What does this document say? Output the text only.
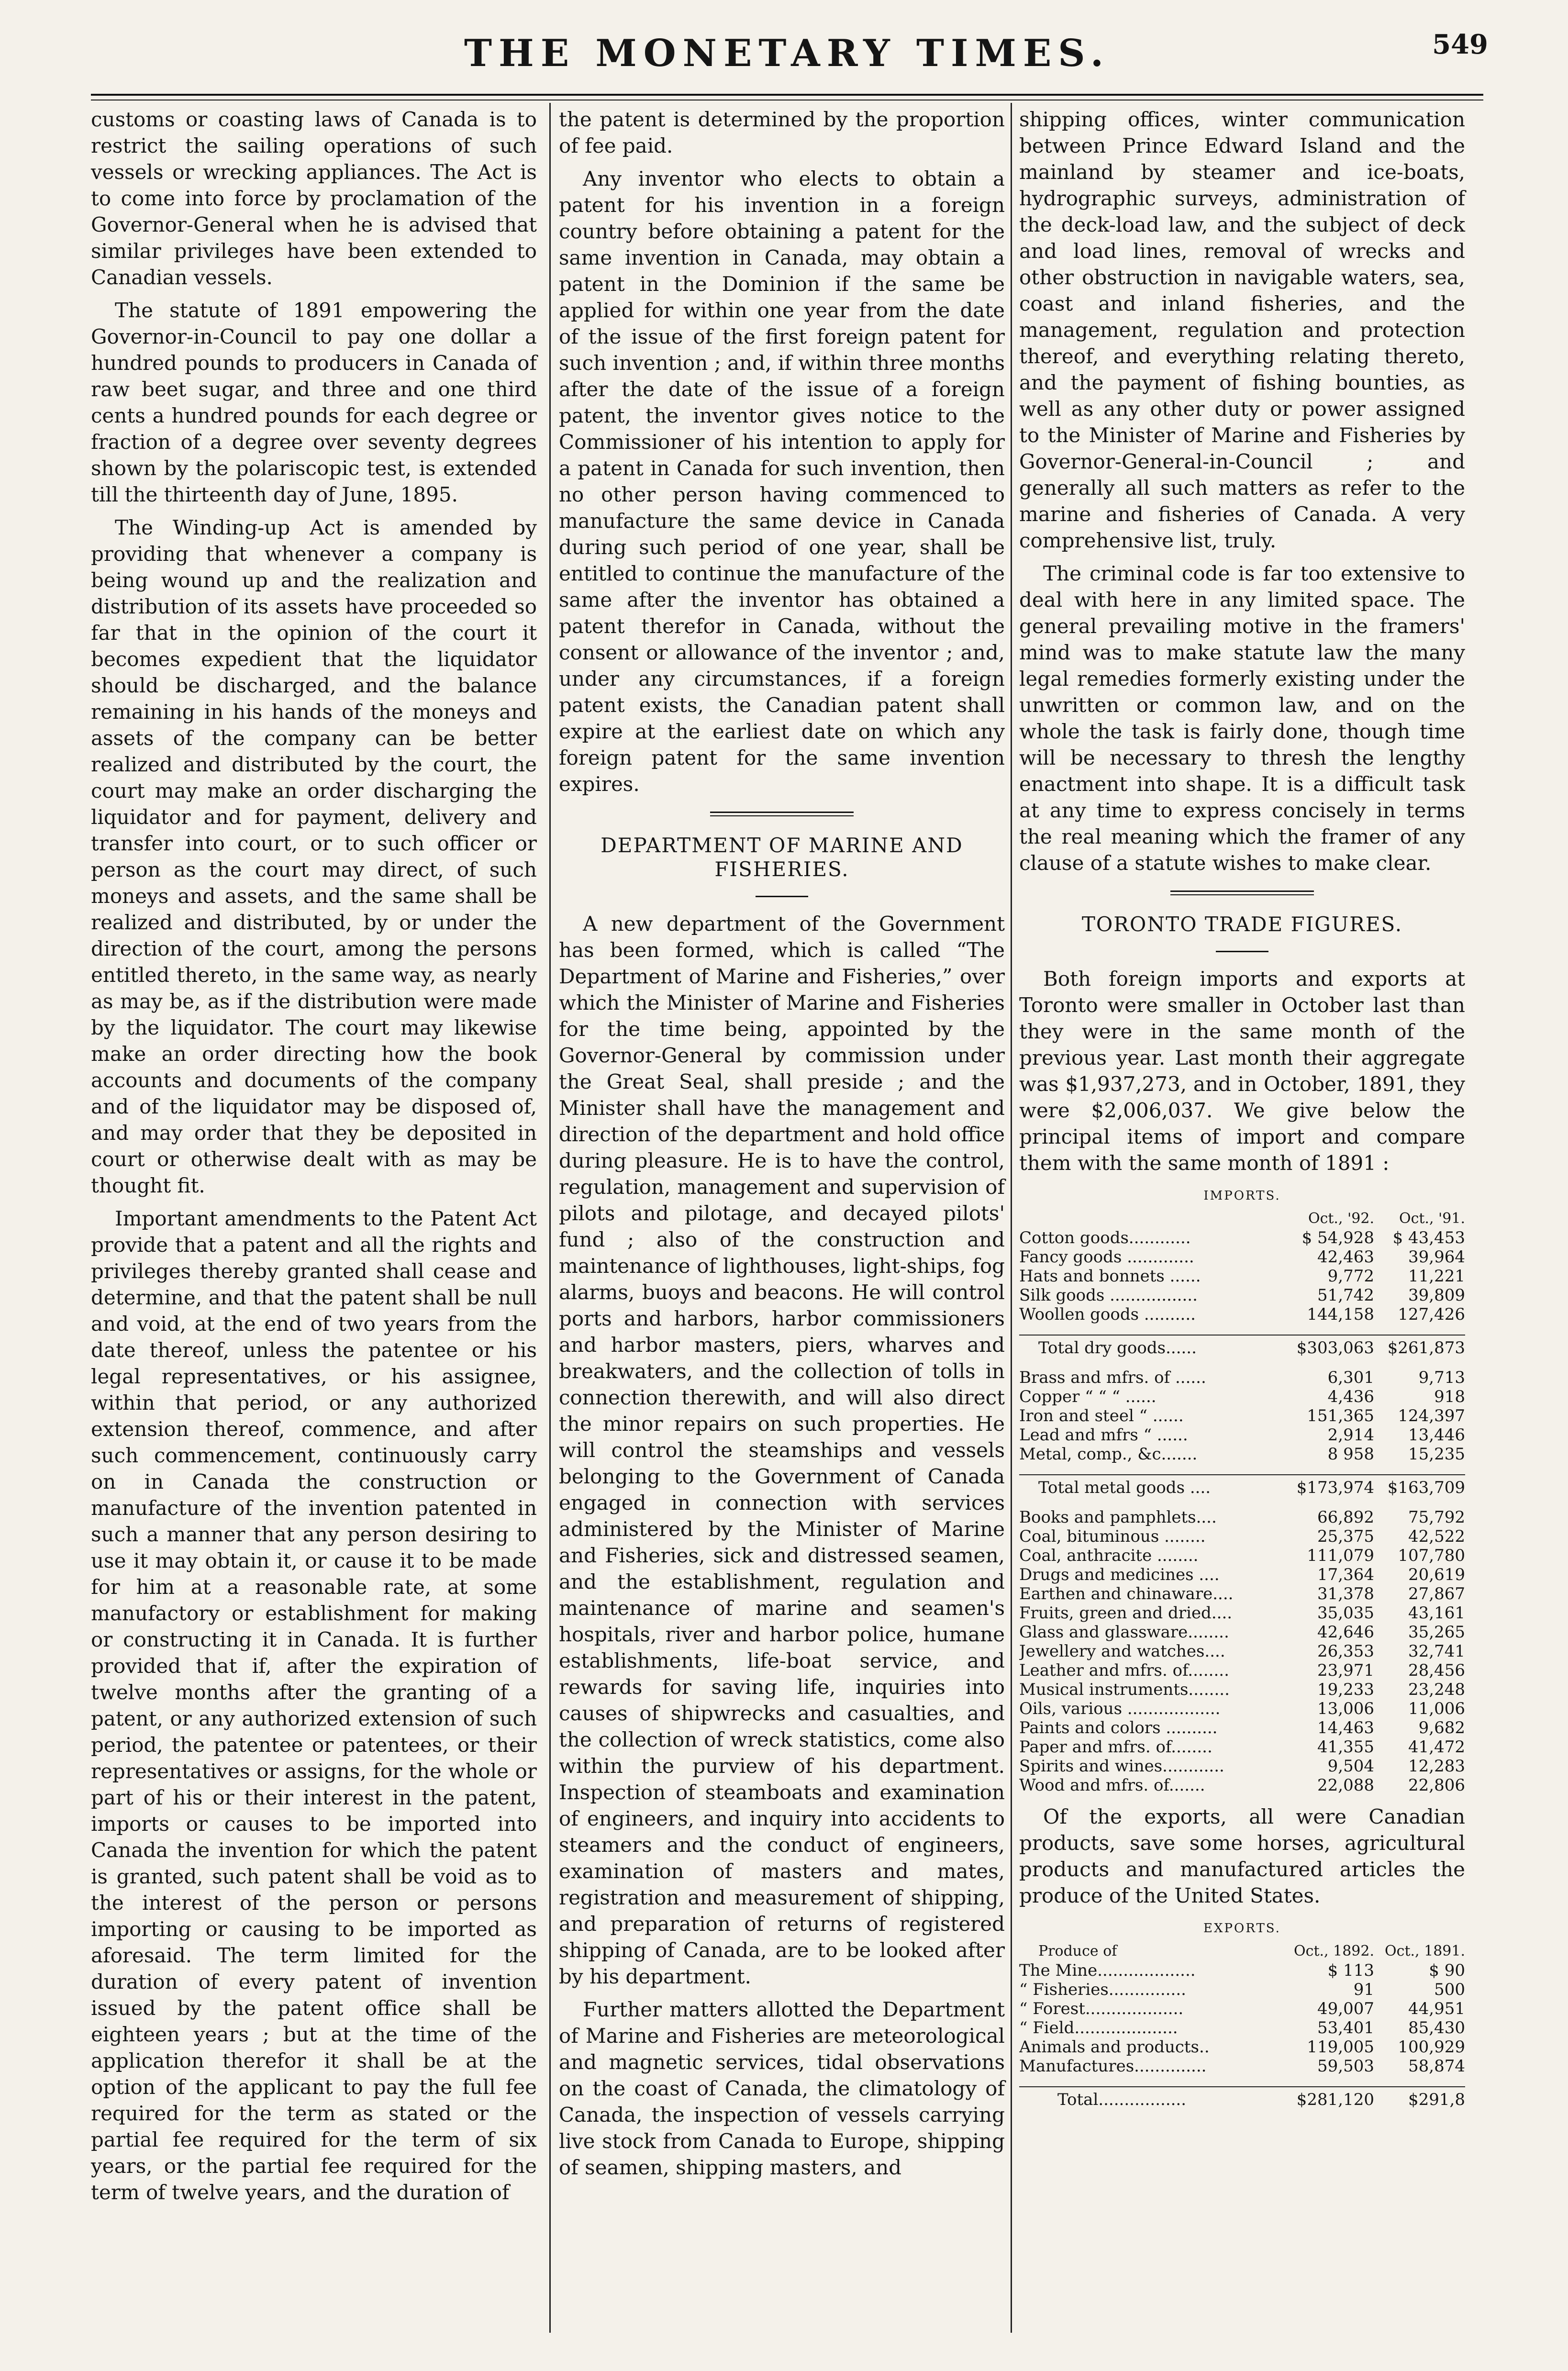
THE MONETARY TIMES.	549

customs or coasting laws of Canada is to restrict the sailing operations of such vessels or wrecking appliances. The Act is to come into force by proclamation of the Governor-General when he is advised that similar privileges have been extended to Canadian vessels.

The statute of 1891 empowering the Governor-in-Council to pay one dollar a hundred pounds to producers in Canada of raw beet sugar, and three and one third cents a hundred pounds for each degree or fraction of a degree over seventy degrees shown by the polariscopic test, is extended till the thirteenth day of June, 1895.

The Winding-up Act is amended by providing that whenever a company is being wound up and the realization and distribution of its assets have proceeded so far that in the opinion of the court it becomes expedient that the liquidator should be discharged, and the balance remaining in his hands of the moneys and assets of the company can be better realized and distributed by the court, the court may make an order discharging the liquidator and for payment, delivery and transfer into court, or to such officer or person as the court may direct, of such moneys and assets, and the same shall be realized and distributed, by or under the direction of the court, among the persons entitled thereto, in the same way, as nearly as may be, as if the distribution were made by the liquidator. The court may likewise make an order directing how the book accounts and documents of the company and of the liquidator may be disposed of, and may order that they be deposited in court or otherwise dealt with as may be thought fit.

Important amendments to the Patent Act provide that a patent and all the rights and privileges thereby granted shall cease and determine, and that the patent shall be null and void, at the end of two years from the date thereof, unless the patentee or his legal representatives, or his assignee, within that period, or any authorized extension thereof, commence, and after such commencement, continuously carry on in Canada the construction or manufacture of the invention patented in such a manner that any person desiring to use it may obtain it, or cause it to be made for him at a reasonable rate, at some manufactory or establishment for making or constructing it in Canada. It is further provided that if, after the expiration of twelve months after the granting of a patent, or any authorized extension of such period, the patentee or patentees, or their representatives or assigns, for the whole or part of his or their interest in the patent, imports or causes to be imported into Canada the invention for which the patent is granted, such patent shall be void as to the interest of the person or persons importing or causing to be imported as aforesaid. The term limited for the duration of every patent of invention issued by the patent office shall be eighteen years ; but at the time of the application therefor it shall be at the option of the applicant to pay the full fee required for the term as stated or the partial fee required for the term of six years, or the partial fee required for the term of twelve years, and the duration of

the patent is determined by the proportion of fee paid.

Any inventor who elects to obtain a patent for his invention in a foreign country before obtaining a patent for the same invention in Canada, may obtain a patent in the Dominion if the same be applied for within one year from the date of the issue of the first foreign patent for such invention ; and, if within three months after the date of the issue of a foreign patent, the inventor gives notice to the Commissioner of his intention to apply for a patent in Canada for such invention, then no other person having commenced to manufacture the same device in Canada during such period of one year, shall be entitled to continue the manufacture of the same after the inventor has obtained a patent therefor in Canada, without the consent or allowance of the inventor ; and, under any circumstances, if a foreign patent exists, the Canadian patent shall expire at the earliest date on which any foreign patent for the same invention expires.

DEPARTMENT OF MARINE AND FISHERIES.

A new department of the Government has been formed, which is called “The Department of Marine and Fisheries,” over which the Minister of Marine and Fisheries for the time being, appointed by the Governor-General by commission under the Great Seal, shall preside ; and the Minister shall have the management and direction of the department and hold office during pleasure. He is to have the control, regulation, management and supervision of pilots and pilotage, and decayed pilots' fund ; also of the construction and maintenance of lighthouses, light-ships, fog alarms, buoys and beacons. He will control ports and harbors, harbor commissioners and harbor masters, piers, wharves and breakwaters, and the collection of tolls in connection therewith, and will also direct the minor repairs on such properties. He will control the steamships and vessels belonging to the Government of Canada engaged in connection with services administered by the Minister of Marine and Fisheries, sick and distressed seamen, and the establishment, regulation and maintenance of marine and seamen's hospitals, river and harbor police, humane establishments, life-boat service, and rewards for saving life, inquiries into causes of shipwrecks and casualties, and the collection of wreck statistics, come also within the purview of his department. Inspection of steamboats and examination of engineers, and inquiry into accidents to steamers and the conduct of engineers, examination of masters and mates, registration and measurement of shipping, and preparation of returns of registered shipping of Canada, are to be looked after by his department.

Further matters allotted the Department of Marine and Fisheries are meteorological and magnetic services, tidal observations on the coast of Canada, the climatology of Canada, the inspection of vessels carrying live stock from Canada to Europe, shipping of seamen, shipping masters, and

shipping offices, winter communication between Prince Edward Island and the mainland by steamer and ice-boats, hydrographic surveys, administration of the deck-load law, and the subject of deck and load lines, removal of wrecks and other obstruction in navigable waters, sea, coast and inland fisheries, and the management, regulation and protection thereof, and everything relating thereto, and the payment of fishing bounties, as well as any other duty or power assigned to the Minister of Marine and Fisheries by Governor-General-in-Council ; and generally all such matters as refer to the marine and fisheries of Canada. A very comprehensive list, truly.

The criminal code is far too extensive to deal with here in any limited space. The general prevailing motive in the framers' mind was to make statute law the many legal remedies formerly existing under the unwritten or common law, and on the whole the task is fairly done, though time will be necessary to thresh the lengthy enactment into shape. It is a difficult task at any time to express concisely in terms the real meaning which the framer of any clause of a statute wishes to make clear.

TORONTO TRADE FIGURES.

Both foreign imports and exports at Toronto were smaller in October last than they were in the same month of the previous year. Last month their aggregate was $1,937,273, and in October, 1891, they were $2,006,037. We give below the principal items of import and compare them with the same month of 1891 :

IMPORTS.
	Oct., '92.	Oct., '91.
Cotton goods............	$ 54,928	$ 43,453
Fancy goods .............	42,463	39,964
Hats and bonnets ......	9,772	11,221
Silk goods .................	51,742	39,809
Woollen goods ..........	144,158	127,426

Total dry goods......	$303,063	$261,873

Brass and mfrs. of ......	6,301	9,713
Copper “ “ “ ......	4,436	918
Iron and steel “ ......	151,365	124,397
Lead and mfrs “ ......	2,914	13,446
Metal, comp., &c.......	8 958	15,235

Total metal goods ....	$173,974	$163,709

Books and pamphlets....	66,892	75,792
Coal, bituminous ........	25,375	42,522
Coal, anthracite ........	111,079	107,780
Drugs and medicines ....	17,364	20,619
Earthen and chinaware....	31,378	27,867
Fruits, green and dried....	35,035	43,161
Glass and glassware........	42,646	35,265
Jewellery and watches....	26,353	32,741
Leather and mfrs. of........	23,971	28,456
Musical instruments........	19,233	23,248
Oils, various ..................	13,006	11,006
Paints and colors ..........	14,463	9,682
Paper and mfrs. of........	41,355	41,472
Spirits and wines............	9,504	12,283
Wood and mfrs. of.......	22,088	22,806

Of the exports, all were Canadian products, save some horses, agricultural products and manufactured articles the produce of the United States.

EXPORTS.
Produce of	Oct., 1892.	Oct., 1891.
The Mine...................	$ 113	$ 90
“ Fisheries...............	91	500
“ Forest...................	49,007	44,951
“ Field....................	53,401	85,430
Animals and products..	119,005	100,929
Manufactures..............	59,503	58,874

Total.................	$281,120	$291,8
